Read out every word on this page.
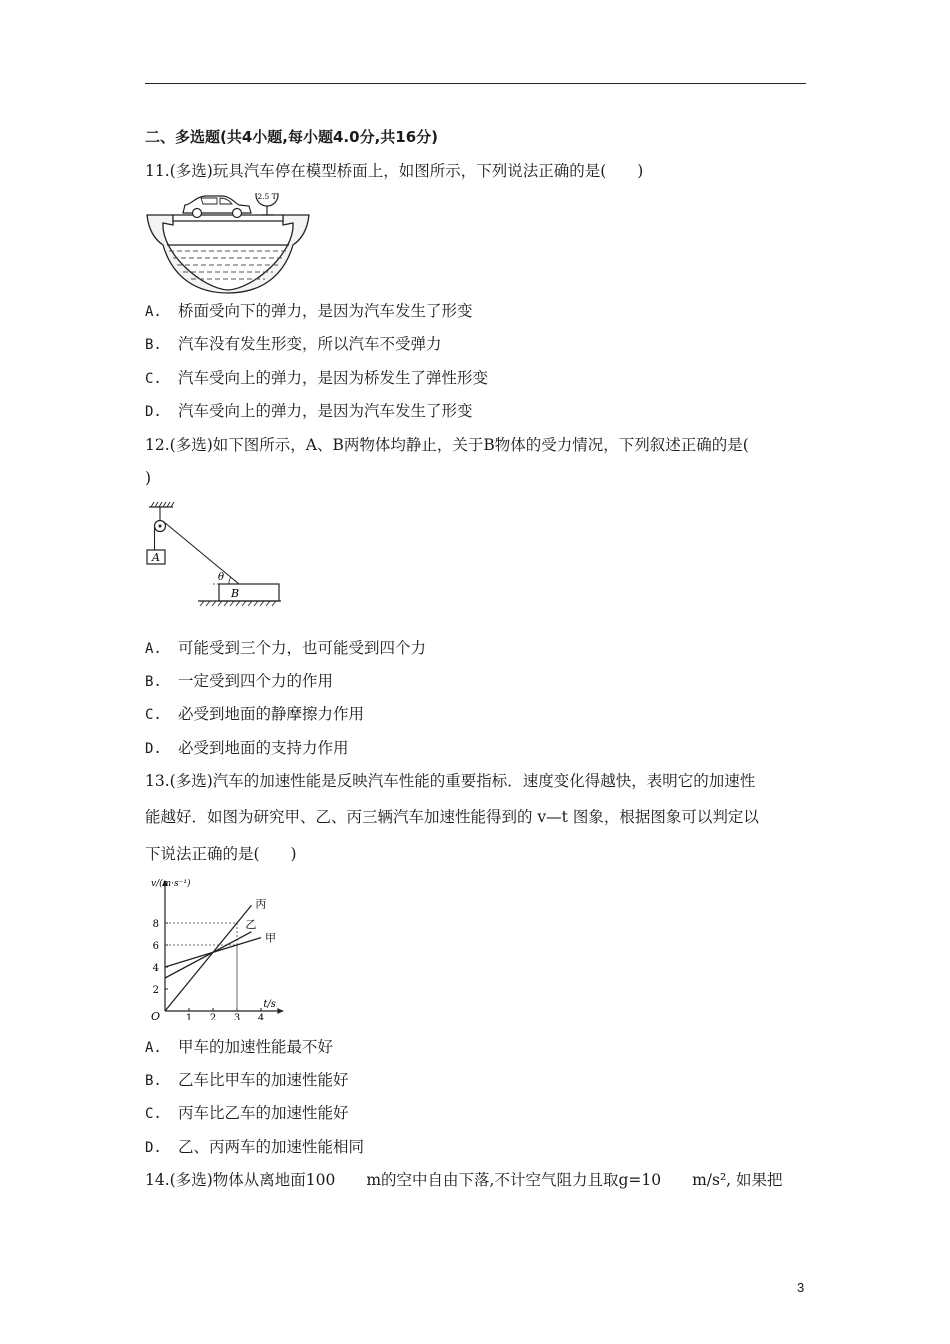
二、多选题(共4小题,每小题4.0分,共16分)
11.(多选)玩具汽车停在模型桥面上，如图所示，下列说法正确的是(　　)
2.5 T
A. 桥面受向下的弹力，是因为汽车发生了形变
B. 汽车没有发生形变，所以汽车不受弹力
C. 汽车受向上的弹力，是因为桥发生了弹性形变
D. 汽车受向上的弹力，是因为汽车发生了形变
12.(多选)如下图所示，A、B两物体均静止，关于B物体的受力情况，下列叙述正确的是(
)
A
B
θ
A. 可能受到三个力，也可能受到四个力
B. 一定受到四个力的作用
C. 必受到地面的静摩擦力作用
D. 必受到地面的支持力作用
13.(多选)汽车的加速性能是反映汽车性能的重要指标．速度变化得越快，表明它的加速性
能越好．如图为研究甲、乙、丙三辆汽车加速性能得到的 v—t 图象，根据图象可以判定以
下说法正确的是(　　)
v/(m·s⁻¹)
t/s
O	1 2 3 4
2
4
6
8
甲
乙
丙
A. 甲车的加速性能最不好
B. 乙车比甲车的加速性能好
C. 丙车比乙车的加速性能好
D. 乙、丙两车的加速性能相同
14.(多选)物体从离地面100　　m的空中自由下落,不计空气阻力且取g=10　　m/s², 如果把
3
